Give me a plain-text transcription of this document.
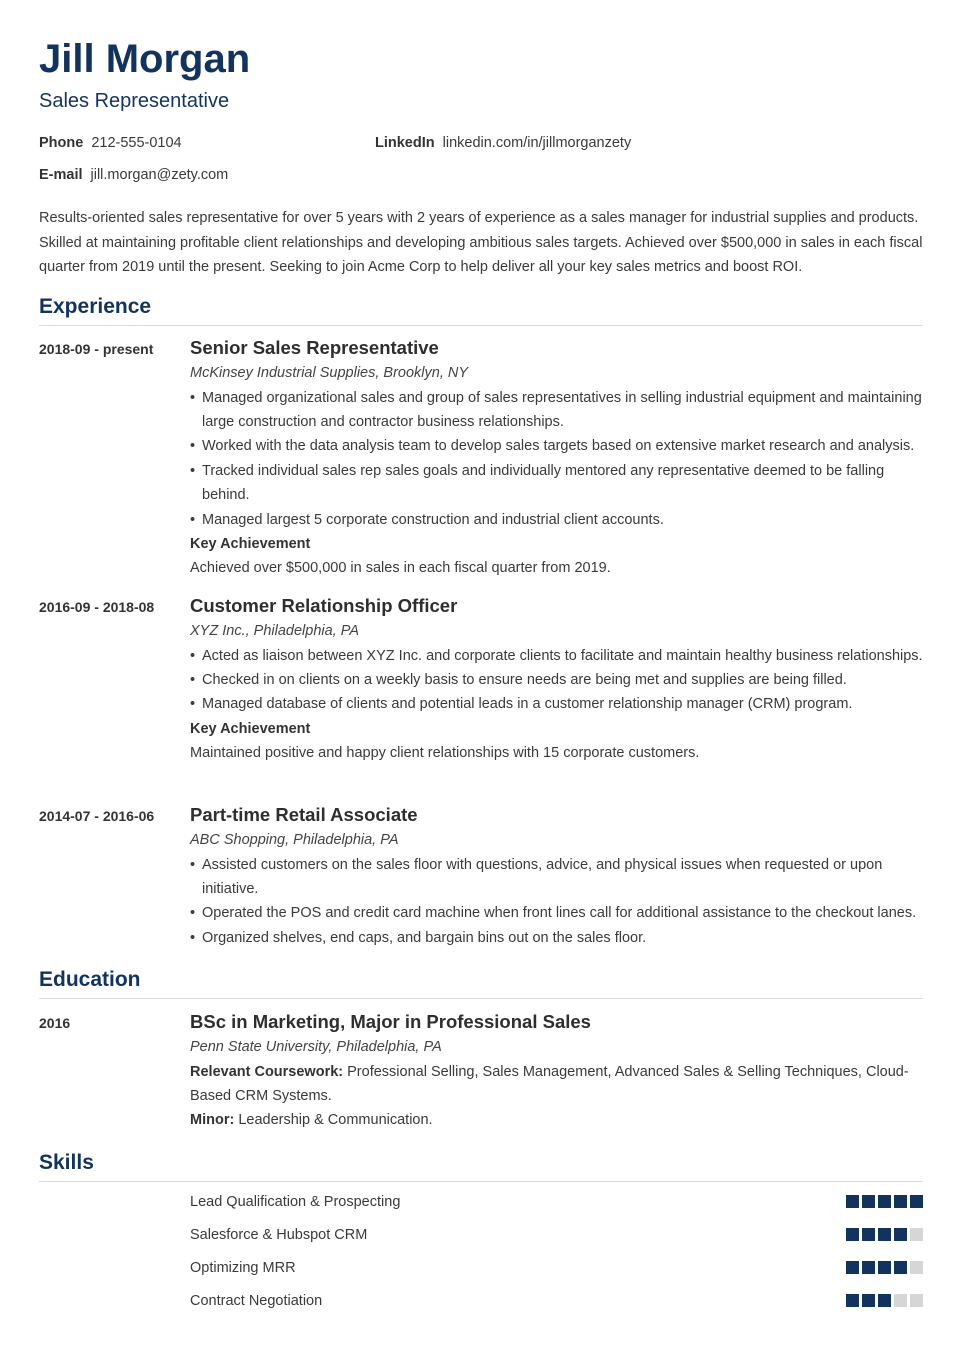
Jill Morgan
Sales Representative
Phone 212-555-0104	LinkedIn linkedin.com/in/jillmorganzety
E-mail jill.morgan@zety.com

Results-oriented sales representative for over 5 years with 2 years of experience as a sales manager for industrial supplies and products. Skilled at maintaining profitable client relationships and developing ambitious sales targets. Achieved over $500,000 in sales in each fiscal quarter from 2019 until the present. Seeking to join Acme Corp to help deliver all your key sales metrics and boost ROI.

Experience
2018-09 - present Senior Sales Representative
McKinsey Industrial Supplies, Brooklyn, NY
• Managed organizational sales and group of sales representatives in selling industrial equipment and maintaining large construction and contractor business relationships.
• Worked with the data analysis team to develop sales targets based on extensive market research and analysis.
• Tracked individual sales rep sales goals and individually mentored any representative deemed to be falling behind.
• Managed largest 5 corporate construction and industrial client accounts.
Key Achievement
Achieved over $500,000 in sales in each fiscal quarter from 2019.
2016-09 - 2018-08 Customer Relationship Officer
XYZ Inc., Philadelphia, PA
• Acted as liaison between XYZ Inc. and corporate clients to facilitate and maintain healthy business relationships.
• Checked in on clients on a weekly basis to ensure needs are being met and supplies are being filled.
• Managed database of clients and potential leads in a customer relationship manager (CRM) program.
Key Achievement
Maintained positive and happy client relationships with 15 corporate customers.
2014-07 - 2016-06 Part-time Retail Associate
ABC Shopping, Philadelphia, PA
• Assisted customers on the sales floor with questions, advice, and physical issues when requested or upon initiative.
• Operated the POS and credit card machine when front lines call for additional assistance to the checkout lanes.
• Organized shelves, end caps, and bargain bins out on the sales floor.
Education
2016	BSc in Marketing, Major in Professional Sales
Penn State University, Philadelphia, PA
Relevant Coursework: Professional Selling, Sales Management, Advanced Sales & Selling Techniques, Cloud-Based CRM Systems.
Minor: Leadership & Communication.
Skills
Lead Qualification & Prospecting
Salesforce & Hubspot CRM
Optimizing MRR
Contract Negotiation
